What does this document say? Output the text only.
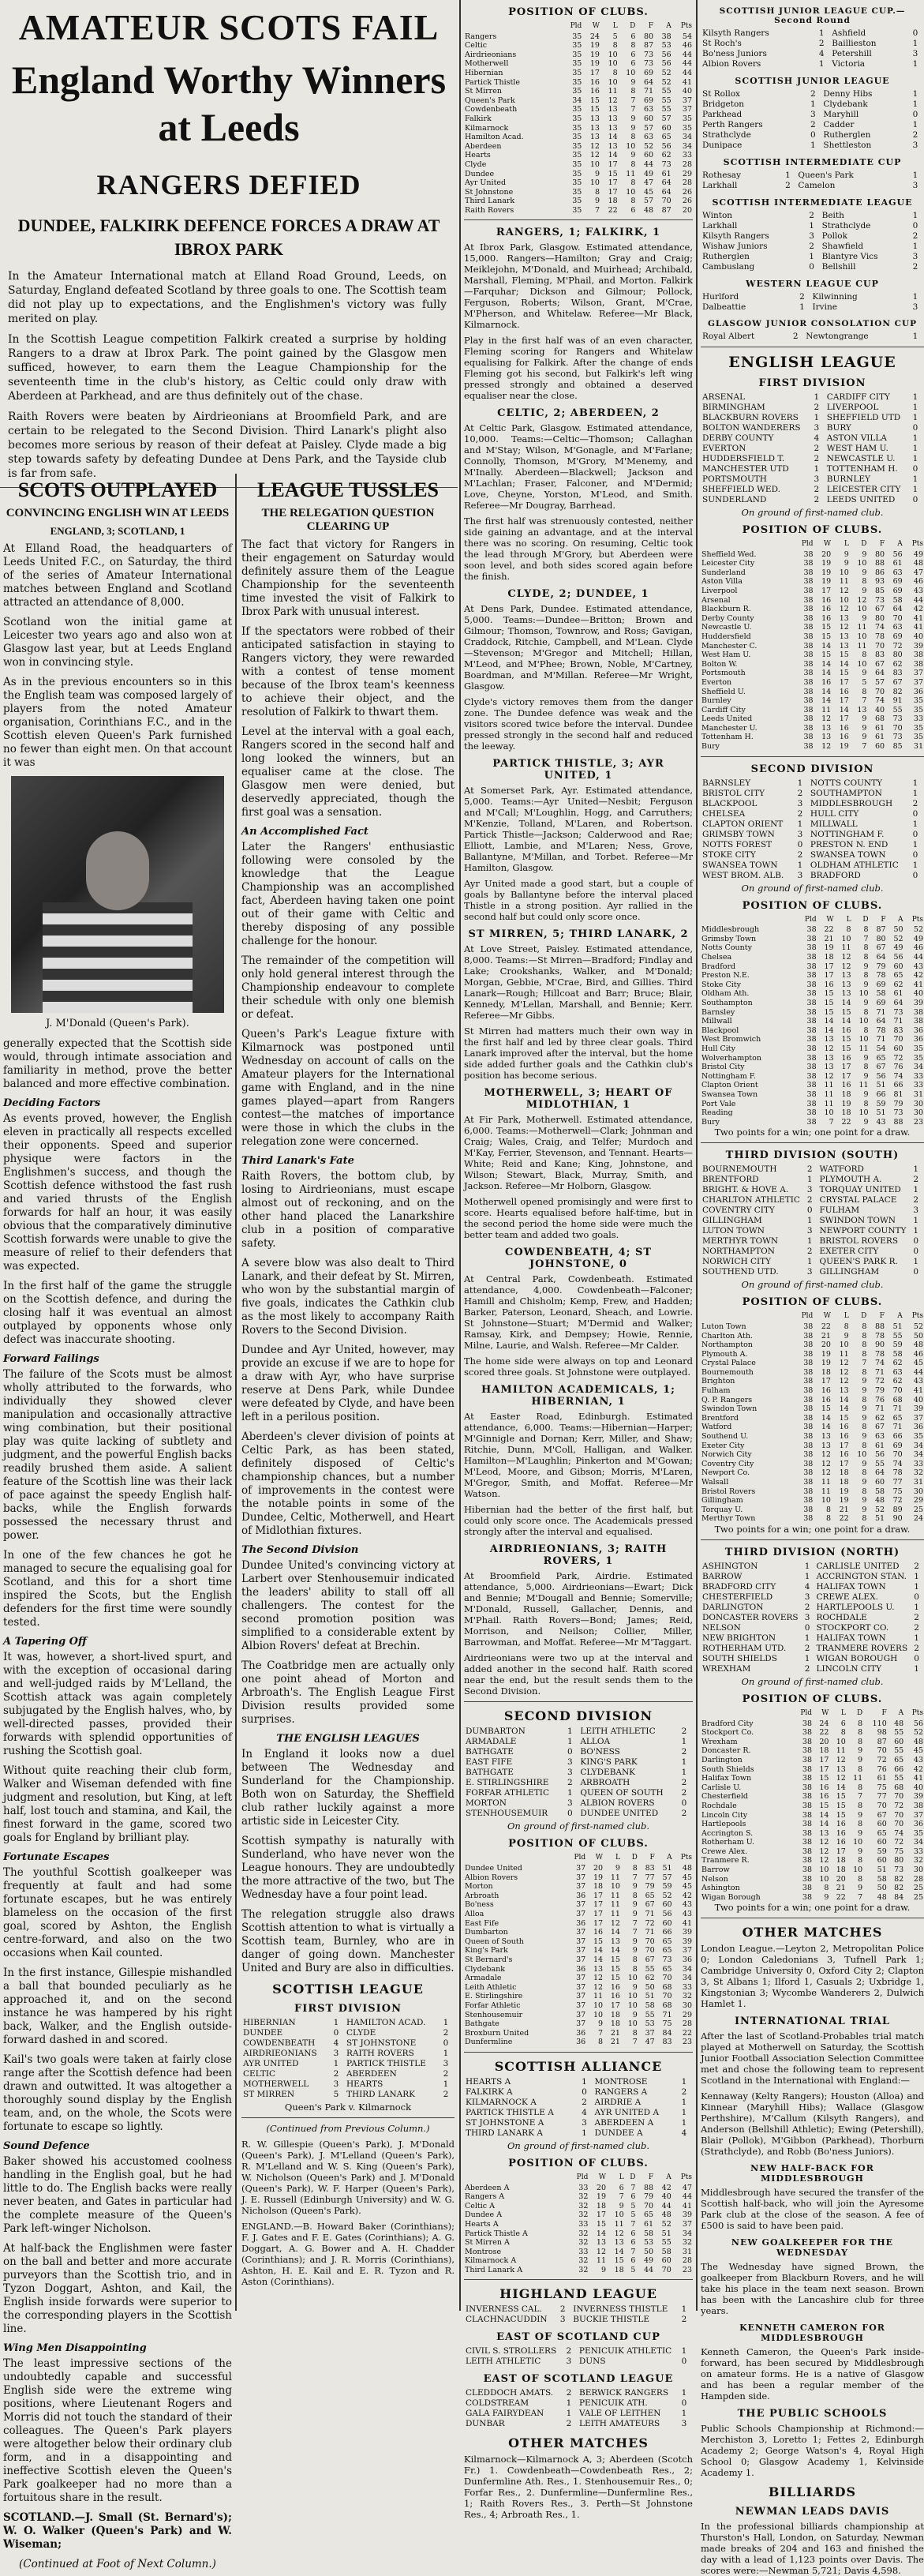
AMATEUR SCOTS FAIL
England Worthy Winners at Leeds
RANGERS DEFIED
DUNDEE, FALKIRK DEFENCE FORCES A DRAW AT IBROX PARK

In the Amateur International match at Elland Road Ground, Leeds, on Saturday, England defeated Scotland by three goals to one. The Scottish team did not play up to expectations, and the Englishmen's victory was fully merited on play.

In the Scottish League competition Falkirk created a surprise by holding Rangers to a draw at Ibrox Park. The point gained by the Glasgow men sufficed, however, to earn them the League Championship for the seventeenth time in the club's history, as Celtic could only draw with Aberdeen at Parkhead, and are thus definitely out of the chase.

Raith Rovers were beaten by Airdrieonians at Broomfield Park, and are certain to be relegated to the Second Division. Third Lanark's plight also becomes more serious by reason of their defeat at Paisley. Clyde made a big step towards safety by defeating Dundee at Dens Park, and the Tayside club is far from safe.

SCOTS OUTPLAYED
CONVINCING ENGLISH WIN AT LEEDS
ENGLAND, 3; SCOTLAND, 1

At Elland Road, the headquarters of Leeds United F.C., on Saturday, the third of the series of Amateur International matches between England and Scotland attracted an attendance of 8,000.

Scotland won the initial game at Leicester two years ago and also won at Glasgow last year, but at Leeds England won in convincing style.

As in the previous encounters so in this the English team was composed largely of players from the noted Amateur organisation, Corinthians F.C., and in the Scottish eleven Queen's Park furnished no fewer than eight men. On that account it was

J. M'Donald (Queen's Park).

generally expected that the Scottish side would, through intimate association and familiarity in method, prove the better balanced and more effective combination.

Deciding Factors

As events proved, however, the English eleven in practically all respects excelled their opponents. Speed and superior physique were factors in the Englishmen's success, and though the Scottish defence withstood the fast rush and varied thrusts of the English forwards for half an hour, it was easily obvious that the comparatively diminutive Scottish forwards were unable to give the measure of relief to their defenders that was expected.

In the first half of the game the struggle on the Scottish defence, and during the closing half it was eventual an almost outplayed by opponents whose only defect was inaccurate shooting.

Forward Failings

The failure of the Scots must be almost wholly attributed to the forwards, who individually they showed clever manipulation and occasionally attractive wing combination, but their positional play was quite lacking of subtlety and judgment, and the powerful English backs readily brushed them aside. A salient feature of the Scottish line was their lack of pace against the speedy English half-backs, while the English forwards possessed the necessary thrust and power.

In one of the few chances he got he managed to secure the equalising goal for Scotland, and this for a short time inspired the Scots, but the English defenders for the first time were soundly tested.

A Tapering Off

It was, however, a short-lived spurt, and with the exception of occasional daring and well-judged raids by M'Lelland, the Scottish attack was again completely subjugated by the English halves, who, by well-directed passes, provided their forwards with splendid opportunities of rushing the Scottish goal.

Without quite reaching their club form, Walker and Wiseman defended with fine judgment and resolution, but King, at left half, lost touch and stamina, and Kail, the finest forward in the game, scored two goals for England by brilliant play.

Fortunate Escapes

The youthful Scottish goalkeeper was frequently at fault and had some fortunate escapes, but he was entirely blameless on the occasion of the first goal, scored by Ashton, the English centre-forward, and also on the two occasions when Kail counted.

In the first instance, Gillespie mishandled a ball that bounded peculiarly as he approached it, and on the second instance he was hampered by his right back, Walker, and the English outside-forward dashed in and scored.

Kail's two goals were taken at fairly close range after the Scottish defence had been drawn and outwitted. It was altogether a thoroughly sound display by the English team, and, on the whole, the Scots were fortunate to escape so lightly.

Sound Defence

Baker showed his accustomed coolness handling in the English goal, but he had little to do. The English backs were really never beaten, and Gates in particular had the complete measure of the Queen's Park left-winger Nicholson.

At half-back the Englishmen were faster on the ball and better and more accurate purveyors than the Scottish trio, and in Tyzon Doggart, Ashton, and Kail, the English inside forwards were superior to the corresponding players in the Scottish line.

Wing Men Disappointing

The least impressive sections of the undoubtedly capable and successful English side were the extreme wing positions, where Lieutenant Rogers and Morris did not touch the standard of their colleagues. The Queen's Park players were altogether below their ordinary club form, and in a disappointing and ineffective Scottish eleven the Queen's Park goalkeeper had no more than a fortuitous share in the result.

SCOTLAND.—J. Small (St. Bernard's); W. O. Walker (Queen's Park) and W. Wiseman;

(Continued at Foot of Next Column.)

LEAGUE TUSSLES
THE RELEGATION QUESTION CLEARING UP

The fact that victory for Rangers in their engagement on Saturday would definitely assure them of the League Championship for the seventeenth time invested the visit of Falkirk to Ibrox Park with unusual interest.

If the spectators were robbed of their anticipated satisfaction in staying to Rangers victory, they were rewarded with a contest of tense moment because of the Ibrox team's keenness to achieve their object, and the resolution of Falkirk to thwart them.

Level at the interval with a goal each, Rangers scored in the second half and long looked the winners, but an equaliser came at the close. The Glasgow men were denied, but deservedly appreciated, though the first goal was a sensation.

An Accomplished Fact

Later the Rangers' enthusiastic following were consoled by the knowledge that the League Championship was an accomplished fact, Aberdeen having taken one point out of their game with Celtic and thereby disposing of any possible challenge for the honour.

The remainder of the competition will only hold general interest through the Championship endeavour to complete their schedule with only one blemish or defeat.

Queen's Park's League fixture with Kilmarnock was postponed until Wednesday on account of calls on the Amateur players for the International game with England, and in the nine games played—apart from Rangers contest—the matches of importance were those in which the clubs in the relegation zone were concerned.

Third Lanark's Fate

Raith Rovers, the bottom club, by losing to Airdrieonians, must escape almost out of reckoning, and on the other hand placed the Lanarkshire club in a position of comparative safety.

A severe blow was also dealt to Third Lanark, and their defeat by St. Mirren, who won by the substantial margin of five goals, indicates the Cathkin club as the most likely to accompany Raith Rovers to the Second Division.

Dundee and Ayr United, however, may provide an excuse if we are to hope for a draw with Ayr, who have surprise reserve at Dens Park, while Dundee were defeated by Clyde, and have been left in a perilous position.

Aberdeen's clever division of points at Celtic Park, as has been stated, definitely disposed of Celtic's championship chances, but a number of improvements in the contest were the notable points in some of the Dundee, Celtic, Motherwell, and Heart of Midlothian fixtures.

The Second Division

Dundee United's convincing victory at Larbert over Stenhousemuir indicated the leaders' ability to stall off all challengers. The contest for the second promotion position was simplified to a considerable extent by Albion Rovers' defeat at Brechin.

The Coatbridge men are actually only one point ahead of Morton and Arbroath's. The English League First Division results provided some surprises.

THE ENGLISH LEAGUES

In England it looks now a duel between The Wednesday and Sunderland for the Championship. Both won on Saturday, the Sheffield club rather luckily against a more artistic side in Leicester City.

Scottish sympathy is naturally with Sunderland, who have never won the League honours. They are undoubtedly the more attractive of the two, but The Wednesday have a four point lead.

The relegation struggle also draws Scottish attention to what is virtually a Scottish team, Burnley, who are in danger of going down. Manchester United and Bury are also in difficulties.

SCOTTISH LEAGUE
FIRST DIVISION
HIBERNIAN	1	HAMILTON ACAD.	1
DUNDEE	0	CLYDE	2
COWDENBEATH	4	ST JOHNSTONE	0
AIRDRIEONIANS	3	RAITH ROVERS	1
AYR UNITED	1	PARTICK THISTLE	3
CELTIC	2	ABERDEEN	2
MOTHERWELL	3	HEARTS	1
ST MIRREN	5	THIRD LANARK	2

Queen's Park v. Kilmarnock

(Continued from Previous Column.)

R. W. Gillespie (Queen's Park), J. M'Donald (Queen's Park), J. M'Lelland (Queen's Park), R. M'Lelland and W. S. King (Queen's Park), W. Nicholson (Queen's Park) and J. M'Donald (Queen's Park), W. F. Harper (Queen's Park), J. E. Russell (Edinburgh University) and W. G. Nicholson (Queen's Park).

ENGLAND.—B. Howard Baker (Corinthians); F. J. Gates and F. E. Gates (Corinthians); A. G. Doggart, A. G. Bower and A. H. Chadder (Corinthians); and J. R. Morris (Corinthians), Ashton, H. E. Kail and E. R. Tyzon and R. Aston (Corinthians).

POSITION OF CLUBS.
	Pld	W	L	D	F	A	Pts
Rangers	35	24	5	6	80	38	54
Celtic	35	19	8	8	87	53	46
Airdrieonians	35	19	10	6	73	56	44
Motherwell	35	19	10	6	73	56	44
Hibernian	35	17	8	10	69	52	44
Partick Thistle	35	16	10	9	64	52	41
St Mirren	35	16	11	8	71	55	40
Queen's Park	34	15	12	7	69	55	37
Cowdenbeath	35	15	13	7	63	55	37
Falkirk	35	13	13	9	60	57	35
Kilmarnock	35	13	13	9	57	60	35
Hamilton Acad.	35	13	14	8	63	65	34
Aberdeen	35	12	13	10	52	56	34
Hearts	35	12	14	9	60	62	33
Clyde	35	10	17	8	44	73	28
Dundee	35	9	15	11	49	61	29
Ayr United	35	10	17	8	47	64	28
St Johnstone	35	8	17	10	45	64	26
Third Lanark	35	9	18	8	57	70	26
Raith Rovers	35	7	22	6	48	87	20
RANGERS, 1; FALKIRK, 1

At Ibrox Park, Glasgow. Estimated attendance, 15,000. Rangers—Hamilton; Gray and Craig; Meiklejohn, M'Donald, and Muirhead; Archibald, Marshall, Fleming, M'Phail, and Morton. Falkirk—Farquhar; Dickson and Gilmour; Pollock, Ferguson, Roberts; Wilson, Grant, M'Crae, M'Pherson, and Whitelaw. Referee—Mr Black, Kilmarnock.

Play in the first half was of an even character, Fleming scoring for Rangers and Whitelaw equalising for Falkirk. After the change of ends Fleming got his second, but Falkirk's left wing pressed strongly and obtained a deserved equaliser near the close.

CELTIC, 2; ABERDEEN, 2

At Celtic Park, Glasgow. Estimated attendance, 10,000. Teams:—Celtic—Thomson; Callaghan and M'Stay; Wilson, M'Gonagle, and M'Farlane; Connolly, Thomson, M'Grory, M'Menemy, and M'Inally. Aberdeen—Blackwell; Jackson and M'Lachlan; Fraser, Falconer, and M'Dermid; Love, Cheyne, Yorston, M'Leod, and Smith. Referee—Mr Dougray, Barrhead.

The first half was strenuously contested, neither side gaining an advantage, and at the interval there was no scoring. On resuming, Celtic took the lead through M'Grory, but Aberdeen were soon level, and both sides scored again before the finish.

CLYDE, 2; DUNDEE, 1

At Dens Park, Dundee. Estimated attendance, 5,000. Teams:—Dundee—Britton; Brown and Gilmour; Thomson, Townrow, and Ross; Gavigan, Craddock, Ritchie, Campbell, and M'Lean. Clyde—Stevenson; M'Gregor and Mitchell; Hillan, M'Leod, and M'Phee; Brown, Noble, M'Cartney, Boardman, and M'Millan. Referee—Mr Wright, Glasgow.

Clyde's victory removes them from the danger zone. The Dundee defence was weak and the visitors scored twice before the interval. Dundee pressed strongly in the second half and reduced the leeway.

PARTICK THISTLE, 3; AYR UNITED, 1

At Somerset Park, Ayr. Estimated attendance, 5,000. Teams:—Ayr United—Nesbit; Ferguson and M'Call; M'Loughlin, Hogg, and Carruthers; M'Kenzie, Tolland, M'Laren, and Robertson. Partick Thistle—Jackson; Calderwood and Rae; Elliott, Lambie, and M'Laren; Ness, Grove, Ballantyne, M'Millan, and Torbet. Referee—Mr Hamilton, Glasgow.

Ayr United made a good start, but a couple of goals by Ballantyne before the interval placed Thistle in a strong position. Ayr rallied in the second half but could only score once.

ST MIRREN, 5; THIRD LANARK, 2

At Love Street, Paisley. Estimated attendance, 8,000. Teams:—St Mirren—Bradford; Findlay and Lake; Crookshanks, Walker, and M'Donald; Morgan, Gebbie, M'Crae, Bird, and Gillies. Third Lanark—Rough; Hillcoat and Barr; Bruce; Blair, Kennedy, M'Lellan, Marshall, and Bennie; Kerr. Referee—Mr Gibbs.

St Mirren had matters much their own way in the first half and led by three clear goals. Third Lanark improved after the interval, but the home side added further goals and the Cathkin club's position has become serious.

MOTHERWELL, 3; HEART OF MIDLOTHIAN, 1

At Fir Park, Motherwell. Estimated attendance, 6,000. Teams:—Motherwell—Clark; Johnman and Craig; Wales, Craig, and Telfer; Murdoch and M'Kay, Ferrier, Stevenson, and Tennant. Hearts—White; Reid and Kane; King, Johnstone, and Wilson; Stewart, Black, Murray, Smith, and Jackson. Referee—Mr Holborn, Glasgow.

Motherwell opened promisingly and were first to score. Hearts equalised before half-time, but in the second period the home side were much the better team and added two goals.

COWDENBEATH, 4; ST JOHNSTONE, 0

At Central Park, Cowdenbeath. Estimated attendance, 4,000. Cowdenbeath—Falconer; Hamill and Chisholm; Kemp, Frew, and Hadden; Barker, Paterson, Leonard, Sheach, and Lowrie. St Johnstone—Stuart; M'Dermid and Walker; Ramsay, Kirk, and Dempsey; Howie, Rennie, Milne, Laurie, and Walsh. Referee—Mr Calder.

The home side were always on top and Leonard scored three goals. St Johnstone were outplayed.

HAMILTON ACADEMICALS, 1; HIBERNIAN, 1

At Easter Road, Edinburgh. Estimated attendance, 6,000. Teams:—Hibernian—Harper; M'Ginnigle and Dornan; Kerr, Miller, and Shaw; Ritchie, Dunn, M'Coll, Halligan, and Walker. Hamilton—M'Laughlin; Pinkerton and M'Gowan; M'Leod, Moore, and Gibson; Morris, M'Laren, M'Gregor, Smith, and Moffat. Referee—Mr Watson.

Hibernian had the better of the first half, but could only score once. The Academicals pressed strongly after the interval and equalised.

AIRDRIEONIANS, 3; RAITH ROVERS, 1

At Broomfield Park, Airdrie. Estimated attendance, 5,000. Airdrieonians—Ewart; Dick and Bennie; M'Dougall and Bennie; Somerville; M'Donald, Russell, Gallacher, Dennis, and M'Phail. Raith Rovers—Bond; James; Reid, Morrison, and Neilson; Collier, Miller, Barrowman, and Moffat. Referee—Mr M'Taggart.

Airdrieonians were two up at the interval and added another in the second half. Raith scored near the end, but the result sends them to the Second Division.

SECOND DIVISION
DUMBARTON	1	LEITH ATHLETIC	2
ARMADALE	1	ALLOA	1
BATHGATE	0	BO'NESS	2
EAST FIFE	3	KING'S PARK	1
BATHGATE	3	CLYDEBANK	1
E. STIRLINGSHIRE	2	ARBROATH	2
FORFAR ATHLETIC	1	QUEEN OF SOUTH	2
MORTON	3	ALBION ROVERS	0
STENHOUSEMUIR	0	DUNDEE UNITED	2

On ground of first-named club.

POSITION OF CLUBS.
	Pld	W	L	D	F	A	Pts
Dundee United	37	20	9	8	83	51	48
Albion Rovers	37	19	11	7	77	57	45
Morton	37	18	10	9	79	59	45
Arbroath	36	17	11	8	65	52	42
Bo'ness	37	17	11	9	67	60	43
Alloa	37	17	11	9	71	56	43
East Fife	36	17	12	7	72	60	41
Dumbarton	37	16	14	7	71	66	39
Queen of South	37	15	13	9	70	65	39
King's Park	37	14	14	9	70	65	37
St Bernard's	37	14	15	8	67	73	36
Clydebank	36	13	15	8	55	65	34
Armadale	37	12	15	10	62	70	34
Leith Athletic	37	12	16	9	50	68	33
E. Stirlingshire	37	11	16	10	51	70	32
Forfar Athletic	37	10	17	10	58	68	30
Stenhousemuir	37	10	18	9	55	71	29
Bathgate	37	9	18	10	53	75	28
Broxburn United	36	7	21	8	37	84	22
Dunfermline	36	8	21	7	47	83	23
SCOTTISH ALLIANCE
HEARTS A	1	MONTROSE	1
FALKIRK A	0	RANGERS A	2
KILMARNOCK A	2	AIRDRIE A	1
PARTICK THISTLE A	4	AYR UNITED A	1
ST JOHNSTONE A	3	ABERDEEN A	1
THIRD LANARK A	1	DUNDEE A	4

On ground of first-named club.

POSITION OF CLUBS.
	Pld	W	L	D	F	A	Pts
Aberdeen A	33	20	6	7	88	42	47
Rangers A	32	19	7	6	79	40	44
Celtic A	32	18	9	5	70	44	41
Dundee A	32	17	10	5	65	48	39
Hearts A	33	15	11	7	61	52	37
Partick Thistle A	32	14	12	6	58	51	34
St Mirren A	32	13	13	6	53	55	32
Montrose	33	12	14	7	50	58	31
Kilmarnock A	32	11	15	6	49	60	28
Third Lanark A	32	9	18	5	44	70	23
HIGHLAND LEAGUE
INVERNESS CAL.	2	INVERNESS THISTLE	1
CLACHNACUDDIN	3	BUCKIE THISTLE	2
EAST OF SCOTLAND CUP
CIVIL S. STROLLERS	2	PENICUIK ATHLETIC	1
LEITH ATHLETIC	3	DUNS	0
EAST OF SCOTLAND LEAGUE
CLEDDOCH AMATS.	2	BERWICK RANGERS	1
COLDSTREAM	1	PENICUIK ATH.	0
GALA FAIRYDEAN	1	VALE OF LEITHEN	1
DUNBAR	2	LEITH AMATEURS	3
OTHER MATCHES

Kilmarnock—Kilmarnock A, 3; Aberdeen (Scotch Fr.) 1. Cowdenbeath—Cowdenbeath Res., 2; Dunfermline Ath. Res., 1. Stenhousemuir Res., 0; Forfar Res., 2. Dunfermline—Dunfermline Res., 1; Raith Rovers Res., 3. Perth—St Johnstone Res., 4; Arbroath Res., 1.

SCOTTISH JUNIOR LEAGUE CUP.—Second Round
Kilsyth Rangers	1	Ashfield	0
St Roch's	2	Baillieston	1
Bo'ness Juniors	4	Petershill	3
Albion Rovers	1	Victoria	1
SCOTTISH JUNIOR LEAGUE
St Rollox	2	Denny Hibs	1
Bridgeton	1	Clydebank	1
Parkhead	3	Maryhill	0
Perth Rangers	2	Cadder	1
Strathclyde	0	Rutherglen	2
Dunipace	1	Shettleston	3
SCOTTISH INTERMEDIATE CUP
Rothesay	1	Queen's Park	1
Larkhall	2	Camelon	3
SCOTTISH INTERMEDIATE LEAGUE
Winton	2	Beith	1
Larkhall	1	Strathclyde	0
Kilsyth Rangers	3	Pollok	2
Wishaw Juniors	2	Shawfield	1
Rutherglen	1	Blantyre Vics	3
Cambuslang	0	Bellshill	2
WESTERN LEAGUE CUP
Hurlford	2	Kilwinning	1
Dalbeattie	1	Irvine	3
GLASGOW JUNIOR CONSOLATION CUP
Royal Albert	2	Newtongrange	1
ENGLISH LEAGUE
FIRST DIVISION
ARSENAL	1	CARDIFF CITY	1
BIRMINGHAM	2	LIVERPOOL	1
BLACKBURN ROVERS	1	SHEFFIELD UTD	1
BOLTON WANDERERS	3	BURY	0
DERBY COUNTY	4	ASTON VILLA	1
EVERTON	2	WEST HAM U.	1
HUDDERSFIELD T.	2	NEWCASTLE U.	1
MANCHESTER UTD	1	TOTTENHAM H.	0
PORTSMOUTH	3	BURNLEY	1
SHEFFIELD WED.	2	LEICESTER CITY	1
SUNDERLAND	2	LEEDS UNITED	0

On ground of first-named club.

POSITION OF CLUBS.
	Pld	W	L	D	F	A	Pts
Sheffield Wed.	38	20	9	9	80	56	49
Leicester City	38	19	9	10	88	61	48
Sunderland	38	19	10	9	86	63	47
Aston Villa	38	19	11	8	93	69	46
Liverpool	38	17	12	9	85	69	43
Arsenal	38	16	10	12	73	58	44
Blackburn R.	38	16	12	10	67	64	42
Derby County	38	16	13	9	80	70	41
Newcastle U.	38	15	12	11	74	63	41
Huddersfield	38	15	13	10	78	69	40
Manchester C.	38	14	13	11	70	72	39
West Ham U.	38	15	15	8	83	80	38
Bolton W.	38	14	14	10	67	62	38
Portsmouth	38	14	15	9	64	83	37
Everton	38	16	17	5	57	67	37
Sheffield U.	38	14	16	8	70	82	36
Burnley	38	14	17	7	74	91	35
Cardiff City	38	11	14	13	40	55	35
Leeds United	38	12	17	9	68	73	33
Manchester U.	38	13	16	9	61	70	35
Tottenham H.	38	13	16	9	61	73	35
Bury	38	12	19	7	60	85	31
SECOND DIVISION
BARNSLEY	1	NOTTS COUNTY	1
BRISTOL CITY	2	SOUTHAMPTON	1
BLACKPOOL	3	MIDDLESBROUGH	2
CHELSEA	2	HULL CITY	0
CLAPTON ORIENT	1	MILLWALL	1
GRIMSBY TOWN	3	NOTTINGHAM F.	0
NOTTS FOREST	0	PRESTON N. END	1
STOKE CITY	2	SWANSEA TOWN	0
SWANSEA TOWN	1	OLDHAM ATHLETIC	1
WEST BROM. ALB.	3	BRADFORD	0

On ground of first-named club.

POSITION OF CLUBS.
	Pld	W	L	D	F	A	Pts
Middlesbrough	38	22	8	8	87	50	52
Grimsby Town	38	21	10	7	80	52	49
Notts County	38	19	11	8	67	49	46
Chelsea	38	18	12	8	64	56	44
Bradford	38	17	12	9	79	60	43
Preston N.E.	38	17	13	8	78	65	42
Stoke City	38	16	13	9	69	62	41
Oldham Ath.	38	15	13	10	58	61	40
Southampton	38	15	14	9	69	64	39
Barnsley	38	15	15	8	71	73	38
Millwall	38	14	14	10	64	71	38
Blackpool	38	14	16	8	78	83	36
West Bromwich	38	13	15	10	71	70	36
Hull City	38	12	15	11	54	60	35
Wolverhampton	38	13	16	9	65	72	35
Bristol City	38	13	17	8	67	76	34
Nottingham F.	38	12	17	9	56	74	33
Clapton Orient	38	11	16	11	51	66	33
Swansea Town	38	11	18	9	66	81	31
Port Vale	38	11	19	8	59	79	30
Reading	38	10	18	10	51	73	30
Bury	38	7	22	9	43	88	23

Two points for a win; one point for a draw.

THIRD DIVISION (SOUTH)
BOURNEMOUTH	2	WATFORD	1
BRENTFORD	1	PLYMOUTH A.	2
BRIGHT. & HOVE A.	3	TORQUAY UNITED	1
CHARLTON ATHLETIC	2	CRYSTAL PALACE	2
COVENTRY CITY	0	FULHAM	3
GILLINGHAM	1	SWINDON TOWN	1
LUTON TOWN	3	NEWPORT COUNTY	1
MERTHYR TOWN	1	BRISTOL ROVERS	0
NORTHAMPTON	2	EXETER CITY	0
NORWICH CITY	1	QUEEN'S PARK R.	1
SOUTHEND UTD.	3	GILLINGHAM	0

On ground of first-named club.

POSITION OF CLUBS.
	Pld	W	L	D	F	A	Pts
Luton Town	38	22	8	8	88	51	52
Charlton Ath.	38	21	9	8	78	55	50
Northampton	38	20	10	8	90	59	48
Plymouth A.	38	19	11	8	78	58	46
Crystal Palace	38	19	12	7	74	62	45
Bournemouth	38	18	12	8	71	63	44
Brighton	38	17	12	9	72	62	43
Fulham	38	16	13	9	79	70	41
Q. P. Rangers	38	16	14	8	76	68	40
Swindon Town	38	15	14	9	71	71	39
Brentford	38	14	15	9	62	65	37
Watford	38	14	16	8	67	71	36
Southend U.	38	13	16	9	63	66	35
Exeter City	38	13	17	8	61	69	34
Norwich City	38	12	16	10	56	70	34
Coventry City	38	12	17	9	55	74	33
Newport Co.	38	12	18	8	64	78	32
Walsall	38	11	18	9	60	77	31
Bristol Rovers	38	11	19	8	58	75	30
Gillingham	38	10	19	9	48	72	29
Torquay U.	38	8	21	9	52	89	25
Merthyr Town	38	8	22	8	51	90	24

Two points for a win; one point for a draw.

THIRD DIVISION (NORTH)
ASHINGTON	1	CARLISLE UNITED	2
BARROW	1	ACCRINGTON STAN.	1
BRADFORD CITY	4	HALIFAX TOWN	1
CHESTERFIELD	3	CREWE ALEX.	0
DARLINGTON	2	HARTLEPOOLS U.	1
DONCASTER ROVERS	3	ROCHDALE	2
NELSON	0	STOCKPORT CO.	2
NEW BRIGHTON	1	HALIFAX TOWN	1
ROTHERHAM UTD.	2	TRANMERE ROVERS	2
SOUTH SHIELDS	1	WIGAN BOROUGH	0
WREXHAM	2	LINCOLN CITY	1

On ground of first-named club.

POSITION OF CLUBS.
	Pld	W	L	D	F	A	Pts
Bradford City	38	24	6	8	110	48	56
Stockport Co.	38	22	8	8	98	55	52
Wrexham	38	20	10	8	87	60	48
Doncaster R.	38	18	11	9	70	55	45
Darlington	38	17	12	9	72	65	43
South Shields	38	17	13	8	76	66	42
Halifax Town	38	15	12	11	61	55	41
Carlisle U.	38	16	14	8	75	68	40
Chesterfield	38	16	15	7	77	70	39
Rochdale	38	15	15	8	70	72	38
Lincoln City	38	14	15	9	67	70	37
Hartlepools	38	14	16	8	60	70	36
Accrington S.	38	13	16	9	65	74	35
Rotherham U.	38	12	16	10	60	72	34
Crewe Alex.	38	12	17	9	59	75	33
Tranmere R.	38	12	18	8	60	80	32
Barrow	38	10	18	10	51	73	30
Nelson	38	10	20	8	58	82	28
Ashington	38	8	21	9	50	82	25
Wigan Borough	38	9	22	7	48	84	25

Two points for a win; one point for a draw.

OTHER MATCHES

London League.—Leyton 2, Metropolitan Police 0; London Caledonians 3, Tufnell Park 1; Cambridge University 0, Oxford City 2; Clapton 3, St Albans 1; Ilford 1, Casuals 2; Uxbridge 1, Kingstonian 3; Wycombe Wanderers 2, Dulwich Hamlet 1.

INTERNATIONAL TRIAL

After the last of Scotland-Probables trial match played at Motherwell on Saturday, the Scottish Junior Football Association Selection Committee met and chose the following team to represent Scotland in the International with England:—

Kennaway (Kelty Rangers); Houston (Alloa) and Kinnear (Maryhill Hibs); Wallace (Glasgow Perthshire), M'Callum (Kilsyth Rangers), and Anderson (Bellshill Athletic); Ewing (Petershill), Blair (Pollok), M'Gibbon (Parkhead), Thorburn (Strathclyde), and Robb (Bo'ness Juniors).

NEW HALF-BACK FOR MIDDLESBROUGH

Middlesbrough have secured the transfer of the Scottish half-back, who will join the Ayresome Park club at the close of the season. A fee of £500 is said to have been paid.

NEW GOALKEEPER FOR THE WEDNESDAY

The Wednesday have signed Brown, the goalkeeper from Blackburn Rovers, and he will take his place in the team next season. Brown has been with the Lancashire club for three years.

KENNETH CAMERON FOR MIDDLESBROUGH

Kenneth Cameron, the Queen's Park inside-forward, has been secured by Middlesbrough on amateur forms. He is a native of Glasgow and has been a regular member of the Hampden side.

THE PUBLIC SCHOOLS

Public Schools Championship at Richmond:—Merchiston 3, Loretto 1; Fettes 2, Edinburgh Academy 2; George Watson's 4, Royal High School 0; Glasgow Academy 1, Kelvinside Academy 1.

BILLIARDS
NEWMAN LEADS DAVIS

In the professional billiards championship at Thurston's Hall, London, on Saturday, Newman made breaks of 204 and 163 and finished the day with a lead of 1,123 points over Davis. The scores were:—Newman 5,721; Davis 4,598.
